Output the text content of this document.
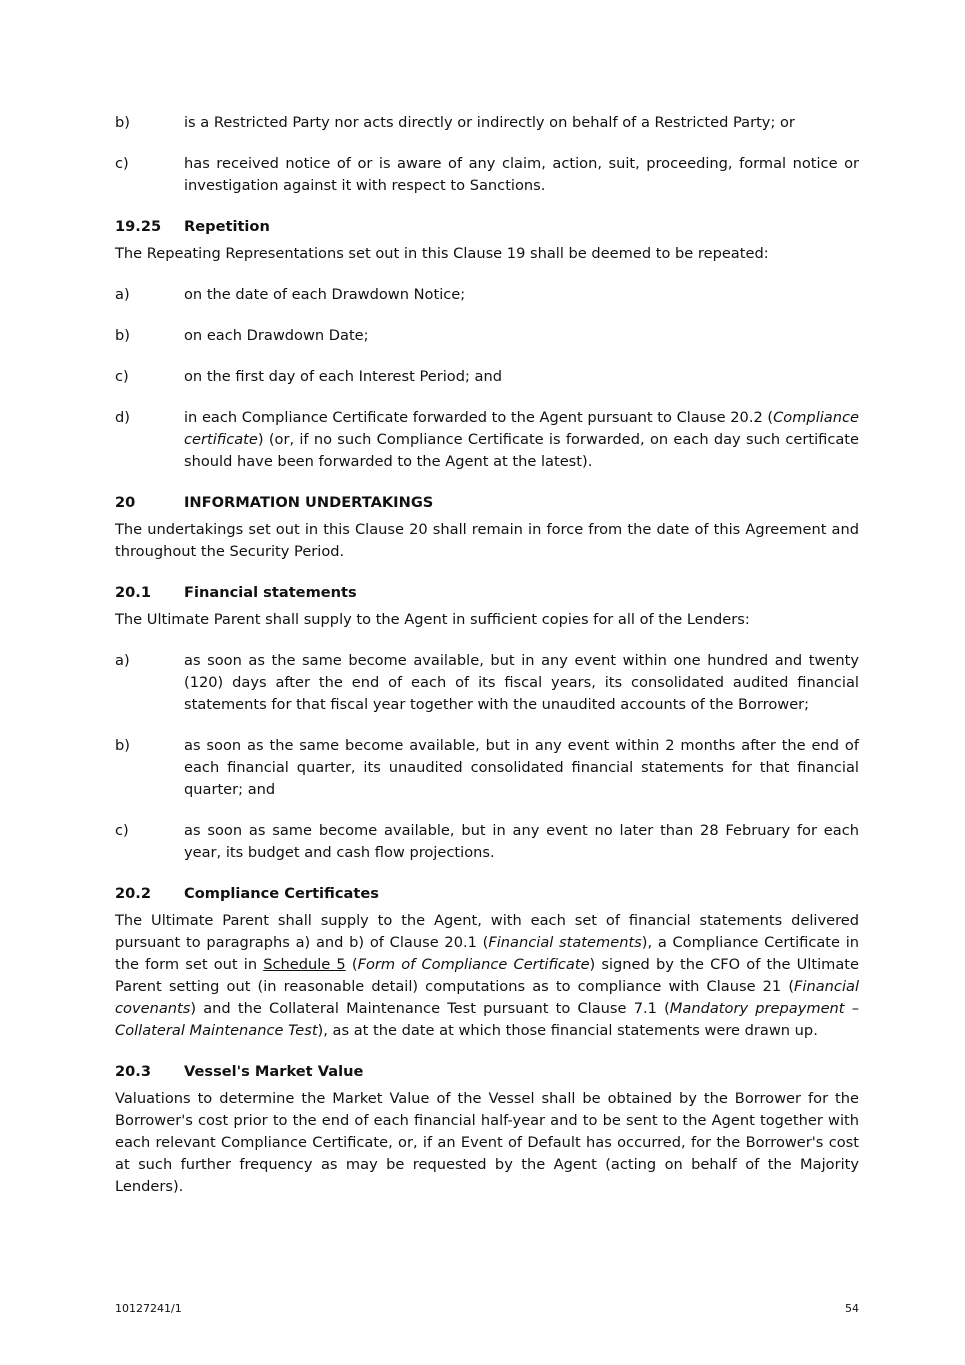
b)	is a Restricted Party nor acts directly or indirectly on behalf of a Restricted Party; or
c)	has received notice of or is aware of any claim, action, suit, proceeding, formal notice or investigation against it with respect to Sanctions.
19.25	Repetition
The Repeating Representations set out in this Clause 19 shall be deemed to be repeated:
a)	on the date of each Drawdown Notice;
b)	on each Drawdown Date;
c)	on the first day of each Interest Period; and
d)	in each Compliance Certificate forwarded to the Agent pursuant to Clause 20.2 (Compliance certificate) (or, if no such Compliance Certificate is forwarded, on each day such certificate should have been forwarded to the Agent at the latest).
20	INFORMATION UNDERTAKINGS
The undertakings set out in this Clause 20 shall remain in force from the date of this Agreement and throughout the Security Period.
20.1	Financial statements
The Ultimate Parent shall supply to the Agent in sufficient copies for all of the Lenders:
a)	as soon as the same become available, but in any event within one hundred and twenty (120) days after the end of each of its fiscal years, its consolidated audited financial statements for that fiscal year together with the unaudited accounts of the Borrower;
b)	as soon as the same become available, but in any event within 2 months after the end of each financial quarter, its unaudited consolidated financial statements for that financial quarter; and
c)	as soon as same become available, but in any event no later than 28 February for each year, its budget and cash flow projections.
20.2	Compliance Certificates
The Ultimate Parent shall supply to the Agent, with each set of financial statements delivered pursuant to paragraphs a) and b) of Clause 20.1 (Financial statements), a Compliance Certificate in the form set out in Schedule 5 (Form of Compliance Certificate) signed by the CFO of the Ultimate Parent setting out (in reasonable detail) computations as to compliance with Clause 21 (Financial covenants) and the Collateral Maintenance Test pursuant to Clause 7.1 (Mandatory prepayment – Collateral Maintenance Test), as at the date at which those financial statements were drawn up.
20.3	Vessel's Market Value
Valuations to determine the Market Value of the Vessel shall be obtained by the Borrower for the Borrower's cost prior to the end of each financial half-year and to be sent to the Agent together with each relevant Compliance Certificate, or, if an Event of Default has occurred, for the Borrower's cost at such further frequency as may be requested by the Agent (acting on behalf of the Majority Lenders).
10127241/1	54
